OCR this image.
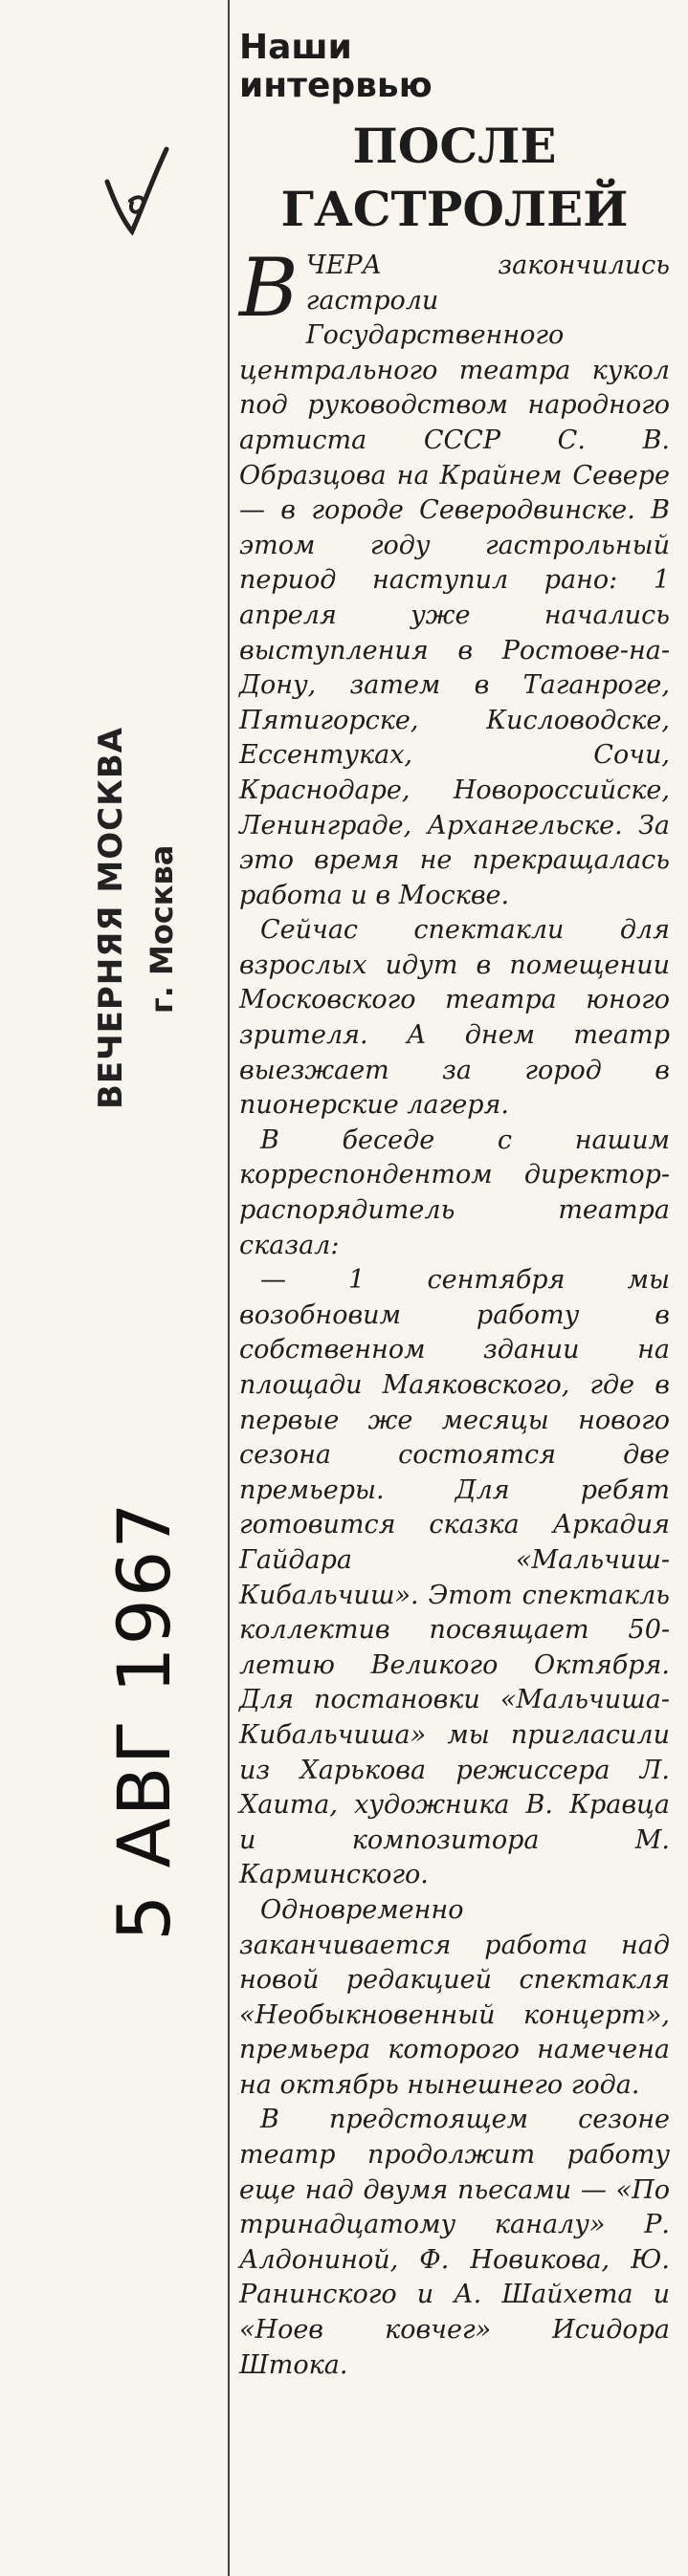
ВЕЧЕРНЯЯ МОСКВА г. Москва
5 АВГ 1967
Наши
интервью
ПОСЛЕ
ГАСТРОЛЕЙ

ВЧЕРА закончились гастроли Государственного центрального театра кукол под руководством народного артиста СССР С. В. Образцова на Крайнем Севере — в городе Северодвинске. В этом году гастрольный период наступил рано: 1 апреля уже начались выступления в Ростове-на-Дону, затем в Таганроге, Пятигорске, Кисловодске, Ессентуках, Сочи, Краснодаре, Новороссийске, Ленинграде, Архангельске. За это время не прекращалась работа и в Москве.

Сейчас спектакли для взрослых идут в помещении Московского театра юного зрителя. А днем театр выезжает за город в пионерские лагеря.

В беседе с нашим корреспондентом директор-распорядитель театра сказал:

— 1 сентября мы возобновим работу в собственном здании на площади Маяковского, где в первые же месяцы нового сезона состоятся две премьеры. Для ребят готовится сказка Аркадия Гайдара «Мальчиш-Кибальчиш». Этот спектакль коллектив посвящает 50-летию Великого Октября. Для постановки «Мальчиша-Кибальчиша» мы пригласили из Харькова режиссера Л. Хаита, художника В. Кравца и композитора М. Карминского.

Одновременно заканчивается работа над новой редакцией спектакля «Необыкновенный концерт», премьера которого намечена на октябрь нынешнего года.

В предстоящем сезоне театр продолжит работу еще над двумя пьесами — «По тринадцатому каналу» Р. Алдониной, Ф. Новикова, Ю. Ранинского и А. Шайхета и «Ноев ковчег» Исидора Штока.
